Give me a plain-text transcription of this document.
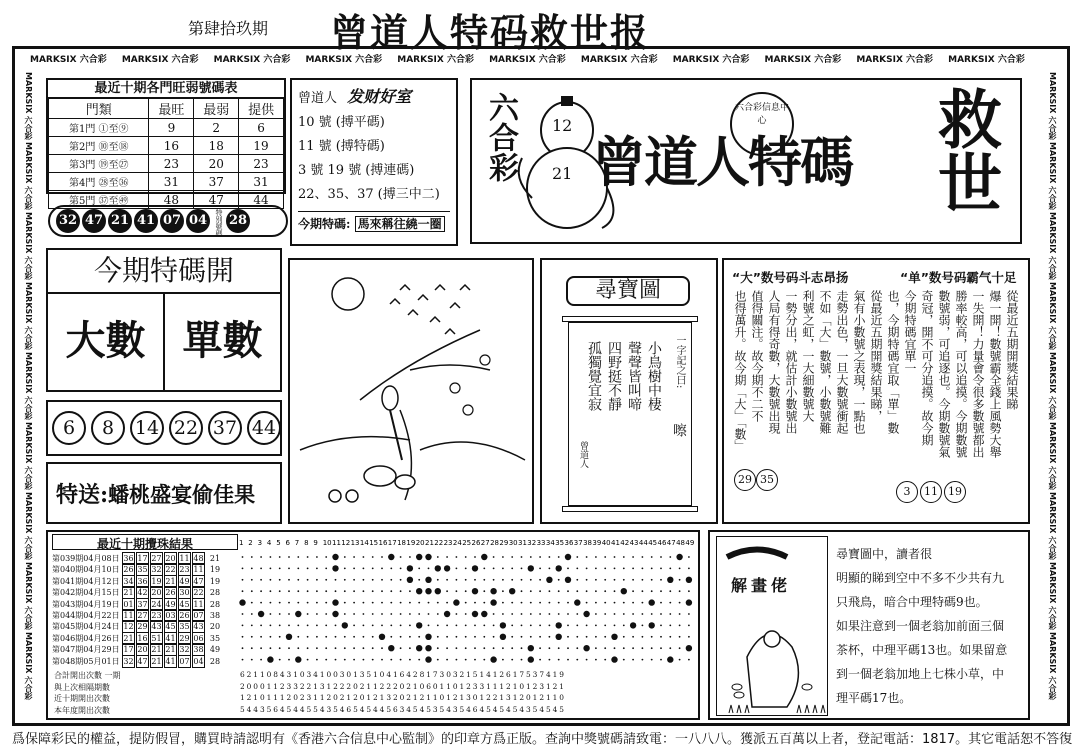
第肆拾玖期 曾道人特码救世报
MARKSIX 六合彩	MARKSIX 六合彩	MARKSIX 六合彩	MARKSIX 六合彩	MARKSIX 六合彩	MARKSIX 六合彩	MARKSIX 六合彩	MARKSIX 六合彩	MARKSIX 六合彩	MARKSIX 六合彩	MARKSIX 六合彩
MARKSIX 六合彩MARKSIX 六合彩MARKSIX 六合彩MARKSIX 六合彩MARKSIX 六合彩MARKSIX 六合彩MARKSIX 六合彩MARKSIX 六合彩MARKSIX 六合彩
MARKSIX 六合彩MARKSIX 六合彩MARKSIX 六合彩MARKSIX 六合彩MARKSIX 六合彩MARKSIX 六合彩MARKSIX 六合彩MARKSIX 六合彩MARKSIX 六合彩
最近十期各門旺弱號碼表
門類	最旺	最弱	提供
第1門 ①至⑨	9	2	6
第2門 ⑩至⑱	16	18	19
第3門 ⑲至㉗	23	20	23
第4門 ㉘至㊱	31	37	31
第5門 ㊲至㊾	48	47	44
32 47 21 41 07 04 特別號碼 28
曾道人 发财好室
10 號 (搏平碼)
11 號 (搏特碼)
3 號 19 號 (搏連碼)
22、35、37 (搏三中二)
今期特碼: 馬來稱往繞一圈
六合彩 12
21 曾道人特碼
六合彩信息中心	救世
今期特碼開
大數 單數
6 8 14 22 37 44
特送:蟠桃盛宴偷佳果
尋寶圖
一字記之曰:
嚓
小鳥樹中棲
聲聲皆叫啼
四野挺不靜
孤獨覺宜寂
曾道人
“大”数号码斗志昂扬	“单”数号码霸气十足
從最近五期開獎結果睇
爆一開！數號霸全錢上風勢大舉
一失開！力量會令很多數號都出
勝率較高，可以追摸。今期數號
數號弱，可追逐也。今期數號氣
奇冠，開不可分追摸。故今期
今期特碼宜單一
也，今期特碼宜取「單」數
從最近五期開獎結果睇，
氣有小數號之表現，一點也
走勢出色，一旦大數號衝起
不如「大」數號，小數號難
利號之虹，一大細數號大
一勢分出，就估計小數號出
人局有得奇數，大數號出現
值得關注。故今期不二不
也得萬升。故今期「大」「數」
29 35
3 11 19
最近十期攪珠結果
第039期04月08日 36 17 27 20 11 48 21
第040期04月10日 26 35 32 22 23 11 19
第041期04月12日 34 36 19 21 49 47 19
第042期04月15日 21 42 20 26 30 22 28
第043期04月19日 01 37 24 49 45 11 28
第044期04月22日 11 27 23 03 26 07 38
第045期04月24日 12 29 43 45 35 43 20
第046期04月26日 21 16 51 41 29 06 35
第047期04月29日 17 20 21 21 32 38 49
第048期05月01日 32 47 21 41 07 04 28
1 2 3 4 5 6 7 8 9 10 11 12 13 14 15 16 17 18 19 20 21 22 23 24 25 26 27 28 29 30 31 32 33 34 35 36 37 38 39 40 41 42 43 44 45 46 47 48 49
合計開出次數 一期	6 2 1 1 0 8 4 3 1 0 3 4 1 0 0 3 0 1 3 5 1 0 4 1 6 4 2 8 1 7 3 0 3 2 1 5 1 4 1 2 6 1 7 5 3 7 4 1 9
與上次相隔期數	2 0 0 0 1 1 2 3 3 2 2 1 3 1 2 2 2 0 2 1 1 2 2 2 0 2 1 0 6 0 1 1 0 1 2 3 3 1 1 1 2 1 0 1 2 3 1 2 1
近十期開出次數	1 2 1 0 1 1 1 2 0 2 3 1 1 2 0 2 1 2 0 1 2 1 3 2 0 2 1 2 1 1 0 1 2 1 3 0 1 2 2 1 3 1 2 0 1 2 1 1 0
本年度開出次數	5 4 4 3 5 6 4 5 4 4 5 5 4 3 5 4 6 5 4 5 4 4 5 6 3 4 5 4 5 3 5 4 3 5 4 6 4 5 4 5 4 5 4 3 5 4 5 4 5
解畫佬
尋寶圖中，讀者很
明顯的睇到空中不多不少共有九
只飛鳥，暗合中理特碼9也。
如果注意到一個老翁加前面三個
茶杯，中理平碼13也。如果留意
到一個老翁加地上七株小草，中
理平碼17也。
爲保障彩民的權益，提防假冒，購買時請認明有《香港六合信息中心監制》的印章方爲正版。查詢中獎號碼請致電：一八八八。獲派五百萬以上者，登記電話：1817。其它電話恕不答復
